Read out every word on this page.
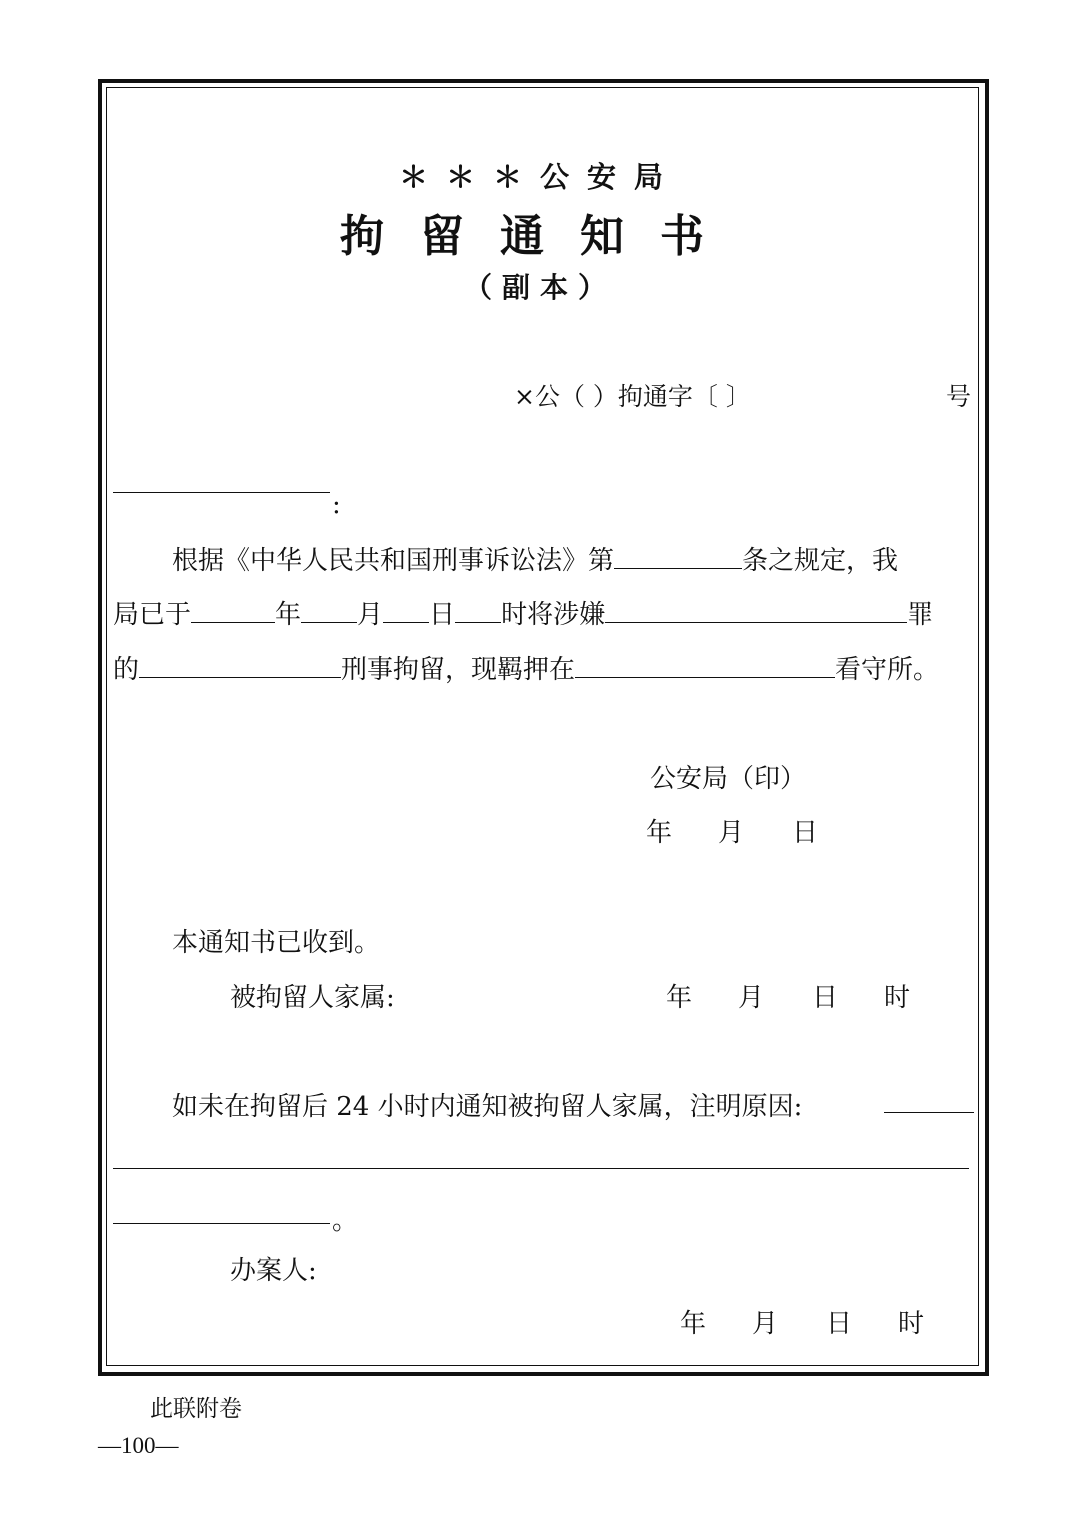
＊＊＊公安局
拘留通知书
（副本）
×公（ ）拘通字〔 〕	号
:
根据《中华人民共和国刑事诉讼法》第	条之规定，我
局已于	年 月 日 时将涉嫌	罪
的	刑事拘留，现羁押在	看守所。
公安局（印）
年 月 日
本通知书已收到。
被拘留人家属:	年 月 日 时
如未在拘留后 24 小时内通知被拘留人家属，注明原因:
。
办案人:
年 月 日 时
此联附卷
—100—
